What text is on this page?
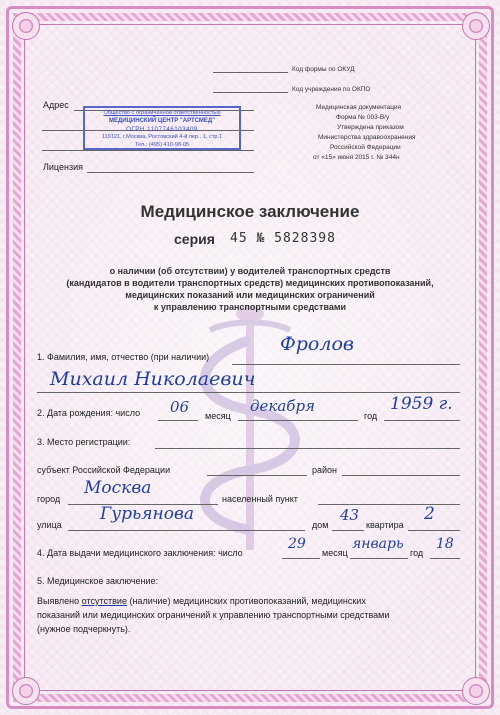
Код формы по ОКУД
Код учреждения по ОКПО
Адрес
Лицензия
Медицинская документация
Форма № 003-В/у
Утверждена приказом
Министерства здравоохранения
Российской Федерации
от «15» июня 2015 г. № 344н
Общество с ограниченной ответственностью
МЕДИЦИНСКИЙ ЦЕНТР "АРТСМЕД"
ОГРН 1107746103409
119121, г.Москва, Ростовский 4-й пер., 1, стр.1
Тел.: (495) 410-98-05
Медицинское заключение
серия 45 № 5828398
о наличии (об отсутствии) у водителей транспортных средств
(кандидатов в водители транспортных средств) медицинских противопоказаний,
медицинских показаний или медицинских ограничений
к управлению транспортными средствами
1. Фамилия, имя, отчество (при наличии)
Фролов
Михаил Николаевич
2. Дата рождения: число 06 месяц
декабря
год
1959 г.
3. Место регистрации:
субъект Российской Федерации	район
город
Москва
населенный пункт
улица
Гурьянова
дом
43
квартира
2
4. Дата выдачи медицинского заключения: число
29
месяц
январь
год
18
5. Медицинское заключение:
Выявлено отсутствие (наличие) медицинских противопоказаний, медицинских
показаний или медицинских ограничений к управлению транспортными средствами
(нужное подчеркнуть).
